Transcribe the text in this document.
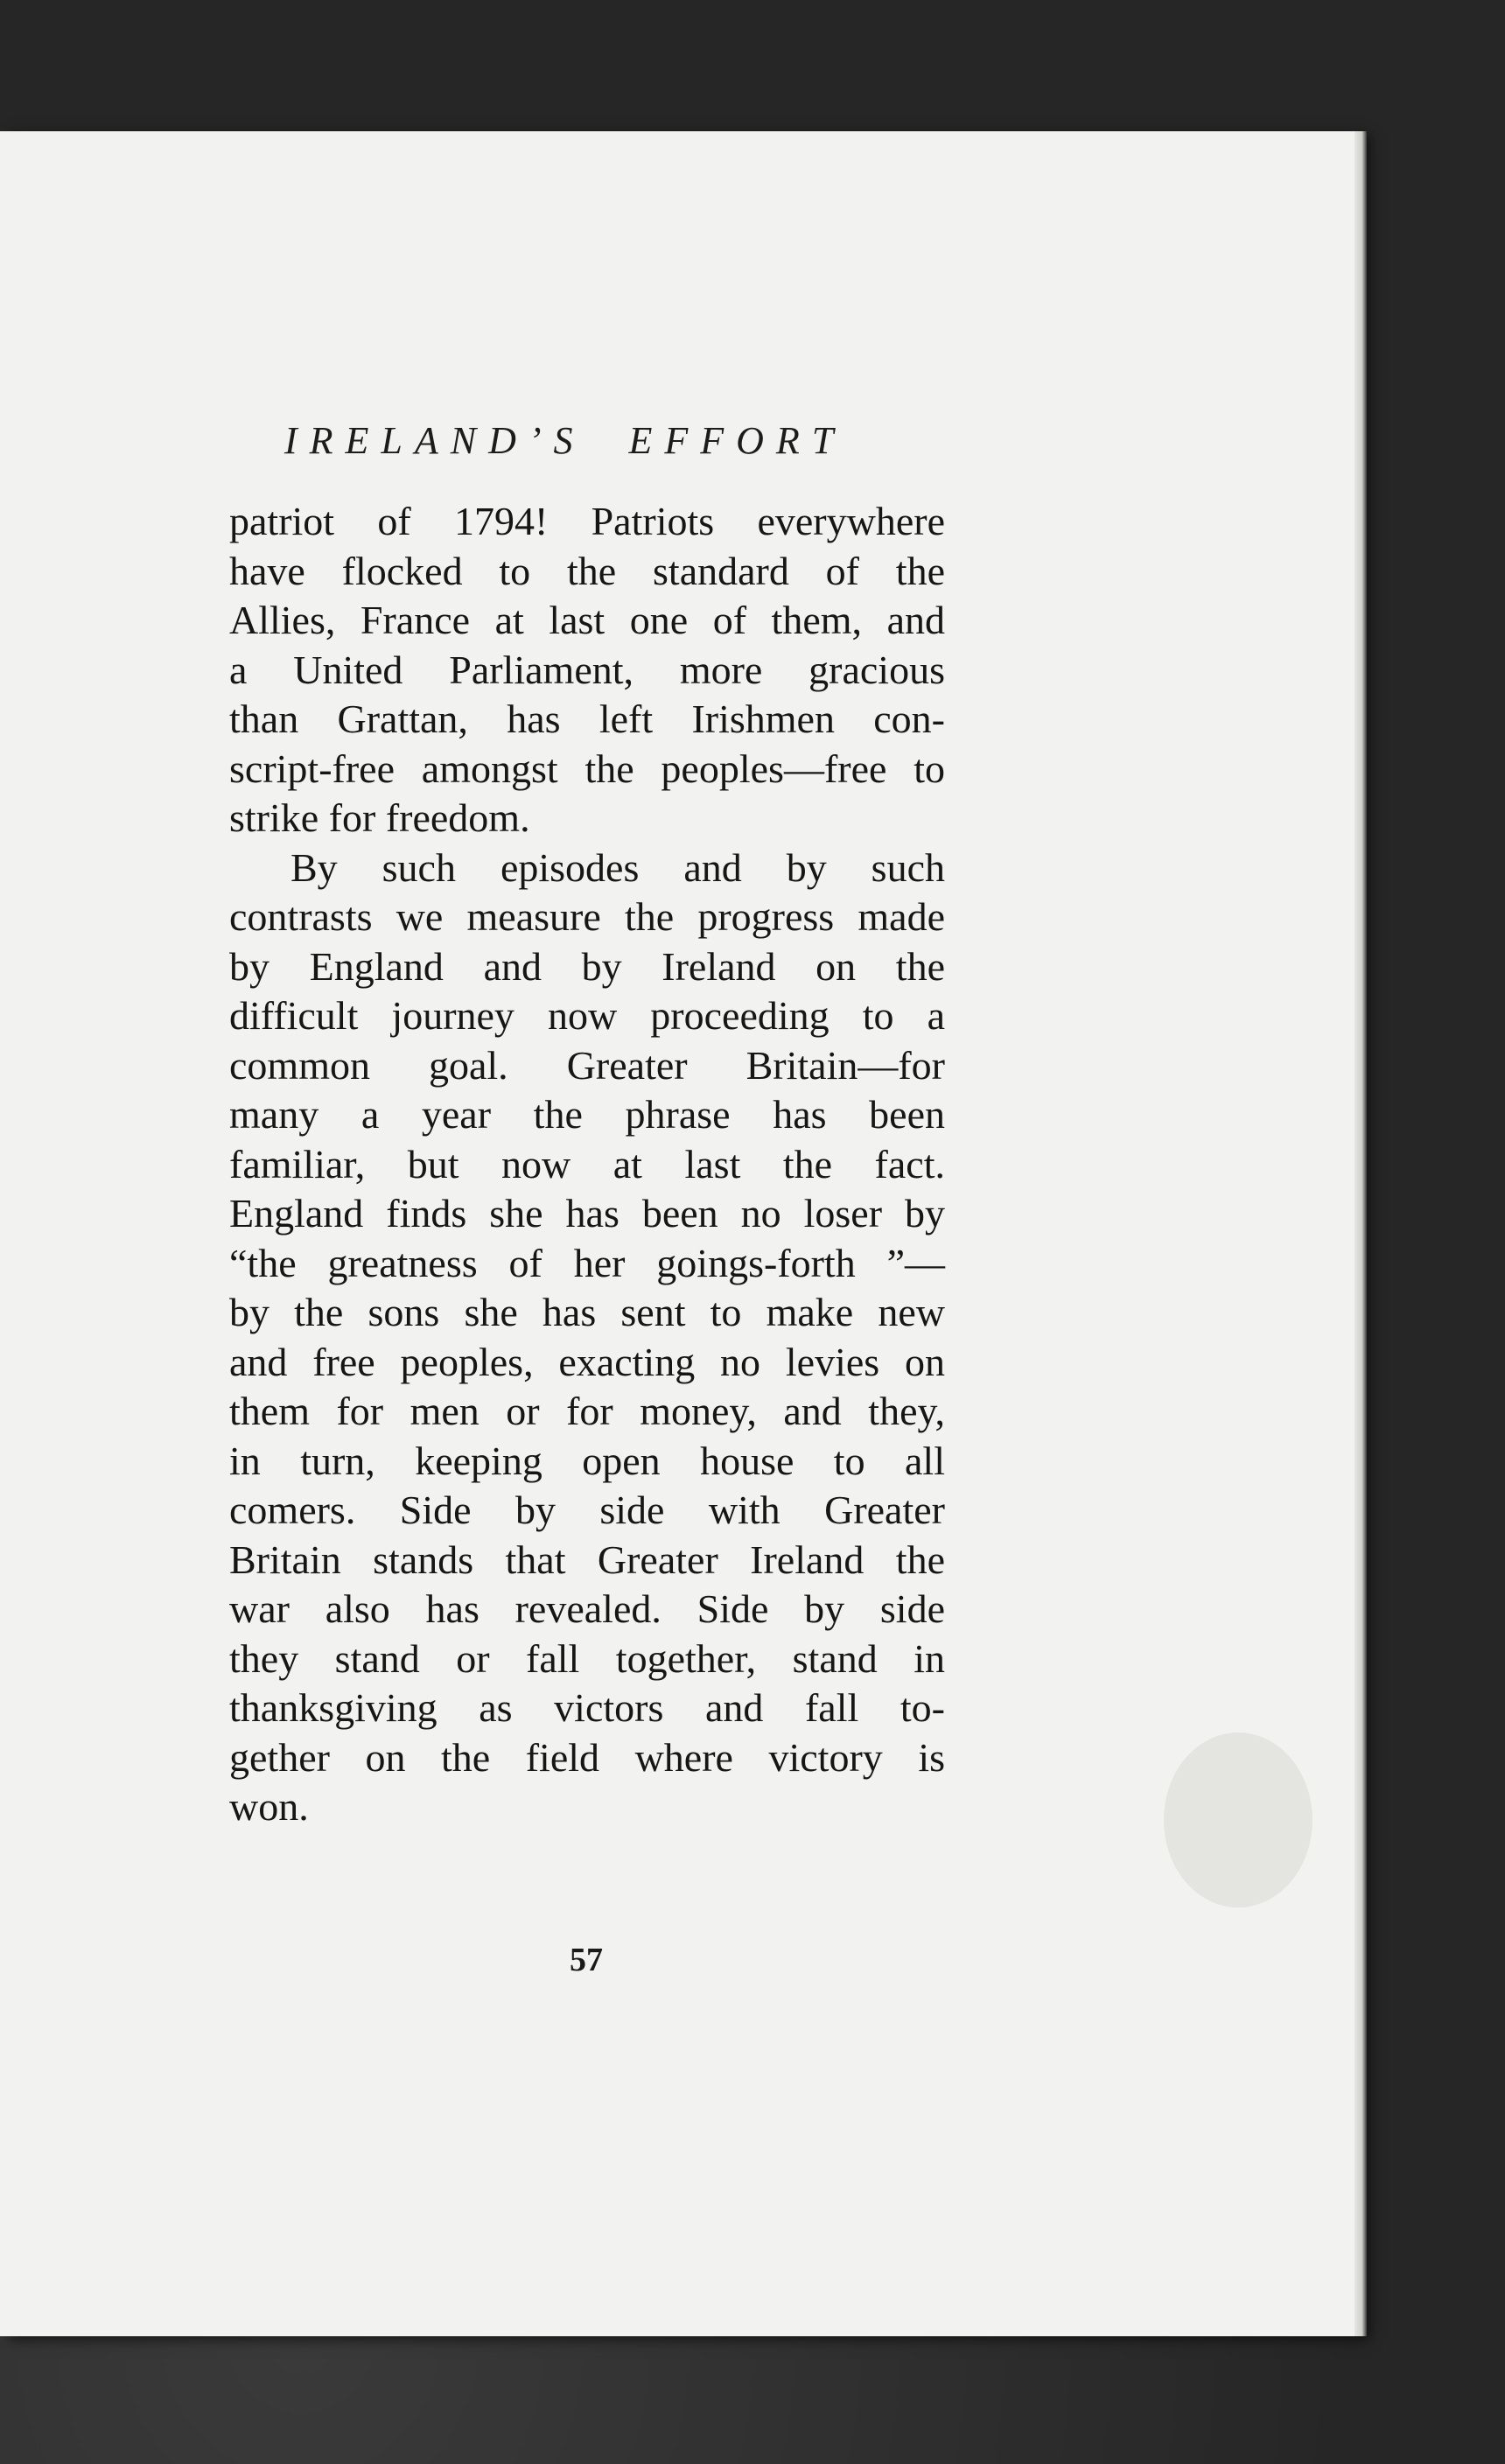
IRELAND’S  EFFORT
patriot of 1794! Patriots everywhere
have flocked to the standard of the
Allies, France at last one of them, and
a United Parliament, more gracious
than Grattan, has left Irishmen con-
script-free amongst the peoples—free to
strike for freedom.
By such episodes and by such
contrasts we measure the progress made
by England and by Ireland on the
difficult journey now proceeding to a
common goal. Greater Britain—for
many a year the phrase has been
familiar, but now at last the fact.
England finds she has been no loser by
“the greatness of her goings-forth ”—
by the sons she has sent to make new
and free peoples, exacting no levies on
them for men or for money, and they,
in turn, keeping open house to all
comers. Side by side with Greater
Britain stands that Greater Ireland the
war also has revealed. Side by side
they stand or fall together, stand in
thanksgiving as victors and fall to-
gether on the field where victory is
won.
57
